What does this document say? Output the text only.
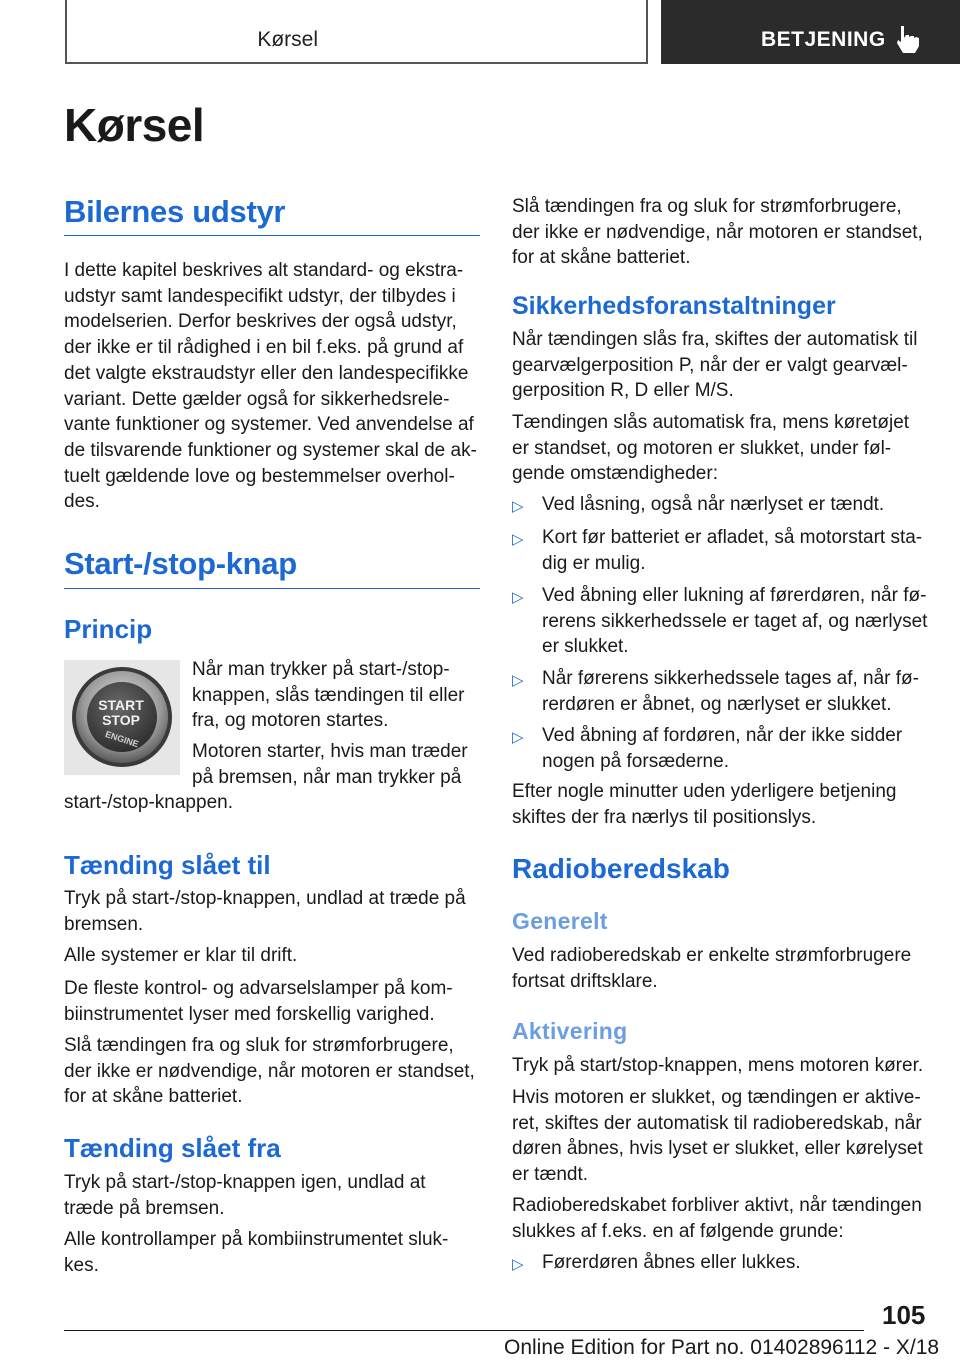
Kørsel	BETJENING
Kørsel
Bilernes udstyr

I dette kapitel beskrives alt standard- og ekstra-udstyr samt landespecifikt udstyr, der tilbydes i modelserien. Derfor beskrives der også udstyr, der ikke er til rådighed i en bil f.eks. på grund af det valgte ekstraudstyr eller den landespecifikke variant. Dette gælder også for sikkerhedsrele-vante funktioner og systemer. Ved anvendelse af de tilsvarende funktioner og systemer skal de ak-tuelt gældende love og bestemmelser overhol-des.

Start-/stop-knap
Princip
START
STOP
ENGINE

Når man trykker på start-/stop-knappen, slås tændingen til eller fra, og motoren startes.

Motoren starter, hvis man træder på bremsen, når man trykker på

start-/stop-knappen.

Tænding slået til

Tryk på start-/stop-knappen, undlad at træde på bremsen.

Alle systemer er klar til drift.

De fleste kontrol- og advarselslamper på kom-biinstrumentet lyser med forskellig varighed.

Slå tændingen fra og sluk for strømforbrugere, der ikke er nødvendige, når motoren er standset, for at skåne batteriet.

Tænding slået fra

Tryk på start-/stop-knappen igen, undlad at træde på bremsen.

Alle kontrollamper på kombiinstrumentet sluk-kes.

Slå tændingen fra og sluk for strømforbrugere, der ikke er nødvendige, når motoren er standset, for at skåne batteriet.

Sikkerhedsforanstaltninger

Når tændingen slås fra, skiftes der automatisk til gearvælgerposition P, når der er valgt gearvæl-gerposition R, D eller M/S.

Tændingen slås automatisk fra, mens køretøjet er standset, og motoren er slukket, under føl-gende omstændigheder:

▷ Ved låsning, også når nærlyset er tændt.

▷ Kort før batteriet er afladet, så motorstart sta-dig er mulig.

▷ Ved åbning eller lukning af førerdøren, når fø-rerens sikkerhedssele er taget af, og nærlyset er slukket.

▷ Når førerens sikkerhedssele tages af, når fø-rerdøren er åbnet, og nærlyset er slukket.

▷ Ved åbning af fordøren, når der ikke sidder nogen på forsæderne.

Efter nogle minutter uden yderligere betjening skiftes der fra nærlys til positionslys.

Radioberedskab
Generelt

Ved radioberedskab er enkelte strømforbrugere fortsat driftsklare.

Aktivering

Tryk på start/stop-knappen, mens motoren kører.

Hvis motoren er slukket, og tændingen er aktive-ret, skiftes der automatisk til radioberedskab, når døren åbnes, hvis lyset er slukket, eller kørelyset er tændt.

Radioberedskabet forbliver aktivt, når tændingen slukkes af f.eks. en af følgende grunde:

▷ Førerdøren åbnes eller lukkes.

105
Online Edition for Part no. 01402896112 - X/18
